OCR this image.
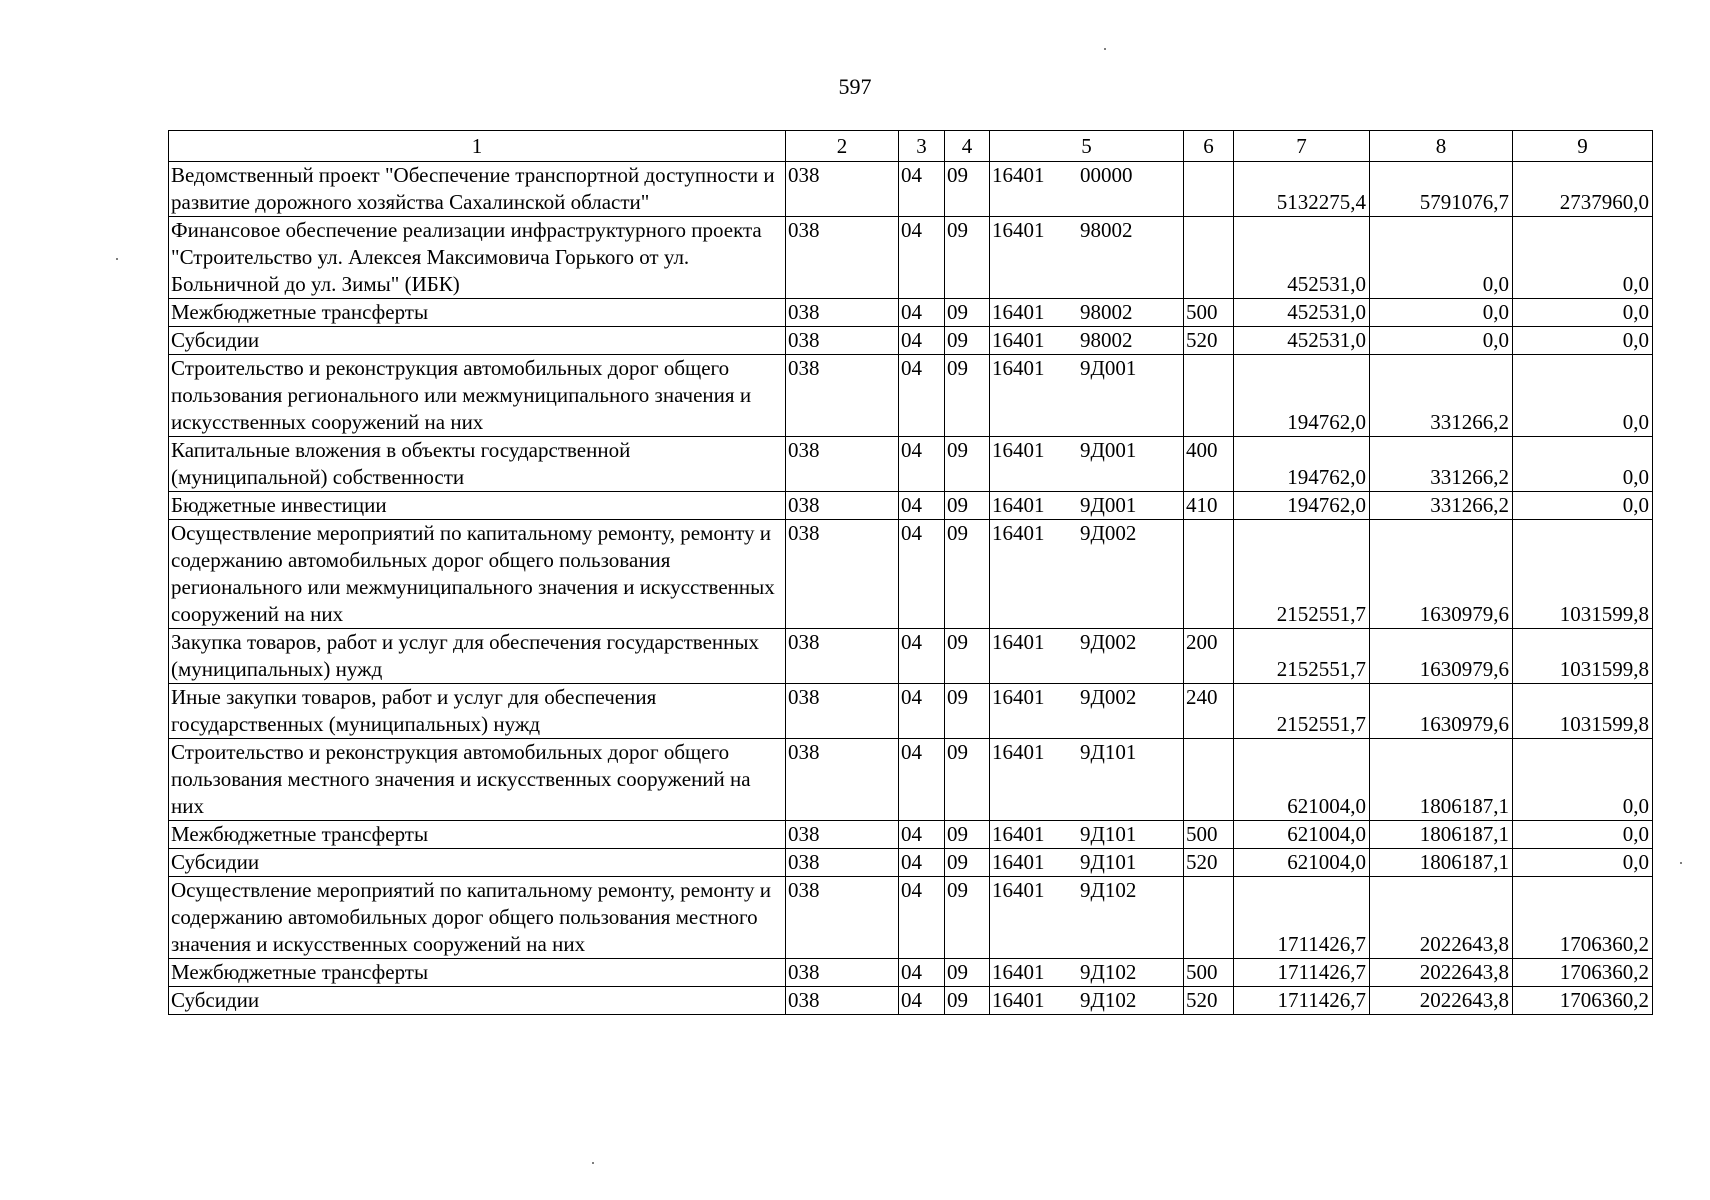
597
1	2	3	4	5	6	7	8	9
Ведомственный проект "Обеспечение транспортной доступности и развитие дорожного хозяйства Сахалинской области"	038	04	09	16401 00000		5132275,4	5791076,7	2737960,0
Финансовое обеспечение реализации инфраструктурного проекта "Строительство ул. Алексея Максимовича Горького от ул. Больничной до ул. Зимы" (ИБК)	038	04	09	16401 98002		452531,0	0,0	0,0
Межбюджетные трансферты	038	04	09	16401 98002	500	452531,0	0,0	0,0
Субсидии	038	04	09	16401 98002	520	452531,0	0,0	0,0
Строительство и реконструкция автомобильных дорог общего пользования регионального или межмуниципального значения и искусственных сооружений на них	038	04	09	16401 9Д001		194762,0	331266,2	0,0
Капитальные вложения в объекты государственной (муниципальной) собственности	038	04	09	16401 9Д001	400	194762,0	331266,2	0,0
Бюджетные инвестиции	038	04	09	16401 9Д001	410	194762,0	331266,2	0,0
Осуществление мероприятий по капитальному ремонту, ремонту и содержанию автомобильных дорог общего пользования регионального или межмуниципального значения и искусственных сооружений на них	038	04	09	16401 9Д002		2152551,7	1630979,6	1031599,8
Закупка товаров, работ и услуг для обеспечения государственных (муниципальных) нужд	038	04	09	16401 9Д002	200	2152551,7	1630979,6	1031599,8
Иные закупки товаров, работ и услуг для обеспечения государственных (муниципальных) нужд	038	04	09	16401 9Д002	240	2152551,7	1630979,6	1031599,8
Строительство и реконструкция автомобильных дорог общего пользования местного значения и искусственных сооружений на них	038	04	09	16401 9Д101		621004,0	1806187,1	0,0
Межбюджетные трансферты	038	04	09	16401 9Д101	500	621004,0	1806187,1	0,0
Субсидии	038	04	09	16401 9Д101	520	621004,0	1806187,1	0,0
Осуществление мероприятий по капитальному ремонту, ремонту и содержанию автомобильных дорог общего пользования местного значения и искусственных сооружений на них	038	04	09	16401 9Д102		1711426,7	2022643,8	1706360,2
Межбюджетные трансферты	038	04	09	16401 9Д102	500	1711426,7	2022643,8	1706360,2
Субсидии	038	04	09	16401 9Д102	520	1711426,7	2022643,8	1706360,2
